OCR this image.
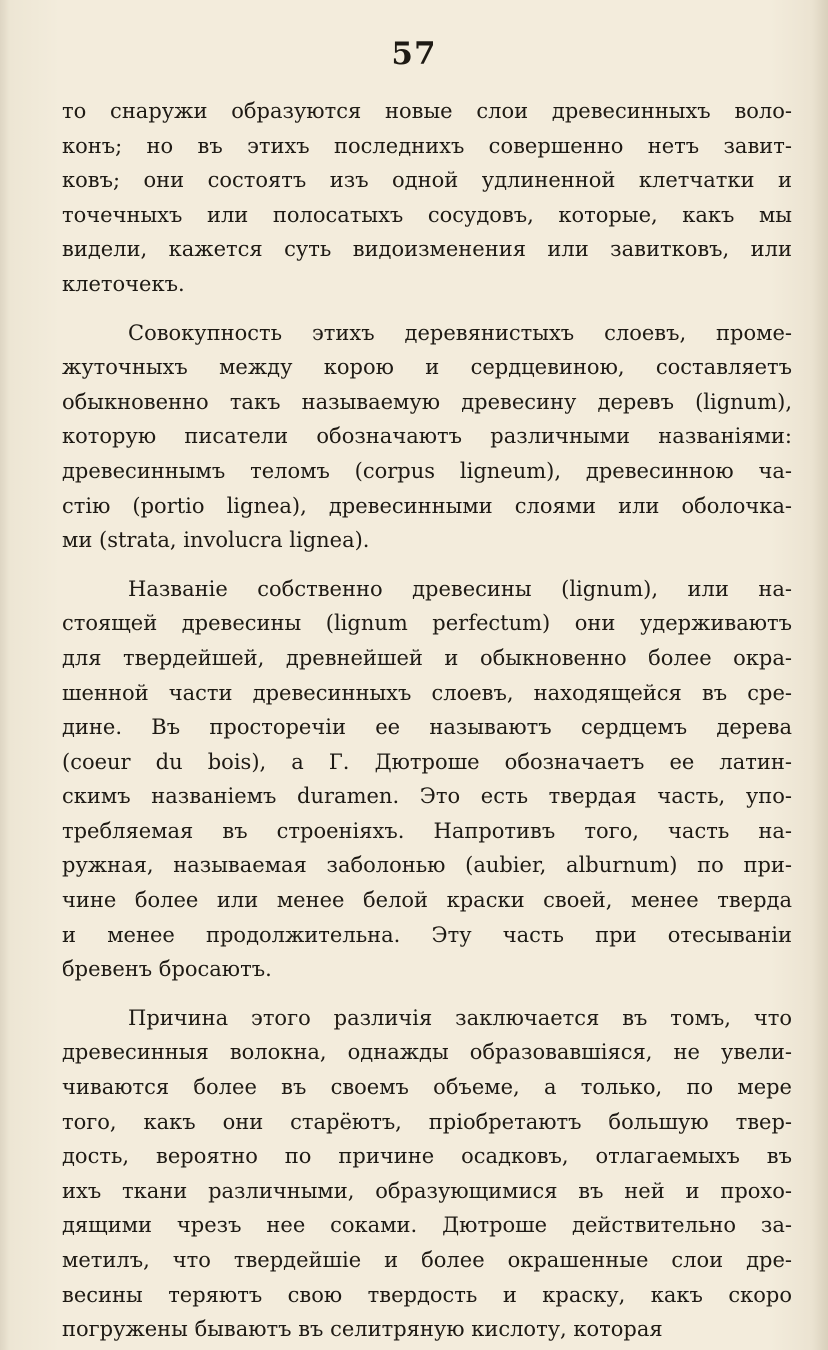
57
то снаружи образуются новые слои древесинныхъ воло-
конъ; но въ этихъ последнихъ совершенно нетъ завит-
ковъ; они состоятъ изъ одной удлиненной клетчатки и
точечныхъ или полосатыхъ сосудовъ, которые, какъ мы
видели, кажется суть видоизменения или завитковъ, или
клеточекъ.
Совокупность этихъ деревянистыхъ слоевъ, проме-
жуточныхъ между корою и сердцевиною, составляетъ
обыкновенно такъ называемую древесину деревъ (lignum),
которую писатели обозначаютъ различными названіями:
древесиннымъ теломъ (corpus ligneum), древесинною ча-
стію (portio lignea), древесинными слоями или оболочка-
ми (strata, involucra lignea).
Названіе собственно древесины (lignum), или на-
стоящей древесины (lignum perfectum) они удерживаютъ
для твердейшей, древнейшей и обыкновенно более окра-
шенной части древесинныхъ слоевъ, находящейся въ сре-
дине. Въ просторечіи ее называютъ сердцемъ дерева
(coeur du bois), а Г. Дютроше обозначаетъ ее латин-
скимъ названіемъ duramen. Это есть твердая часть, упо-
требляемая въ строеніяхъ. Напротивъ того, часть на-
ружная, называемая заболонью (aubier, alburnum) по при-
чине более или менее белой краски своей, менее тверда
и менее продолжительна. Эту часть при отесываніи
бревенъ бросаютъ.
Причина этого различія заключается въ томъ, что
древесинныя волокна, однажды образовавшіяся, не увели-
чиваются более въ своемъ объеме, а только, по мере
того, какъ они старёютъ, пріобретаютъ большую твер-
дость, вероятно по причине осадковъ, отлагаемыхъ въ
ихъ ткани различными, образующимися въ ней и прохо-
дящими чрезъ нее соками. Дютроше действительно за-
метилъ, что твердейшіе и более окрашенные слои дре-
весины теряютъ свою твердость и краску, какъ скоро
погружены бываютъ въ селитряную кислоту, которая
